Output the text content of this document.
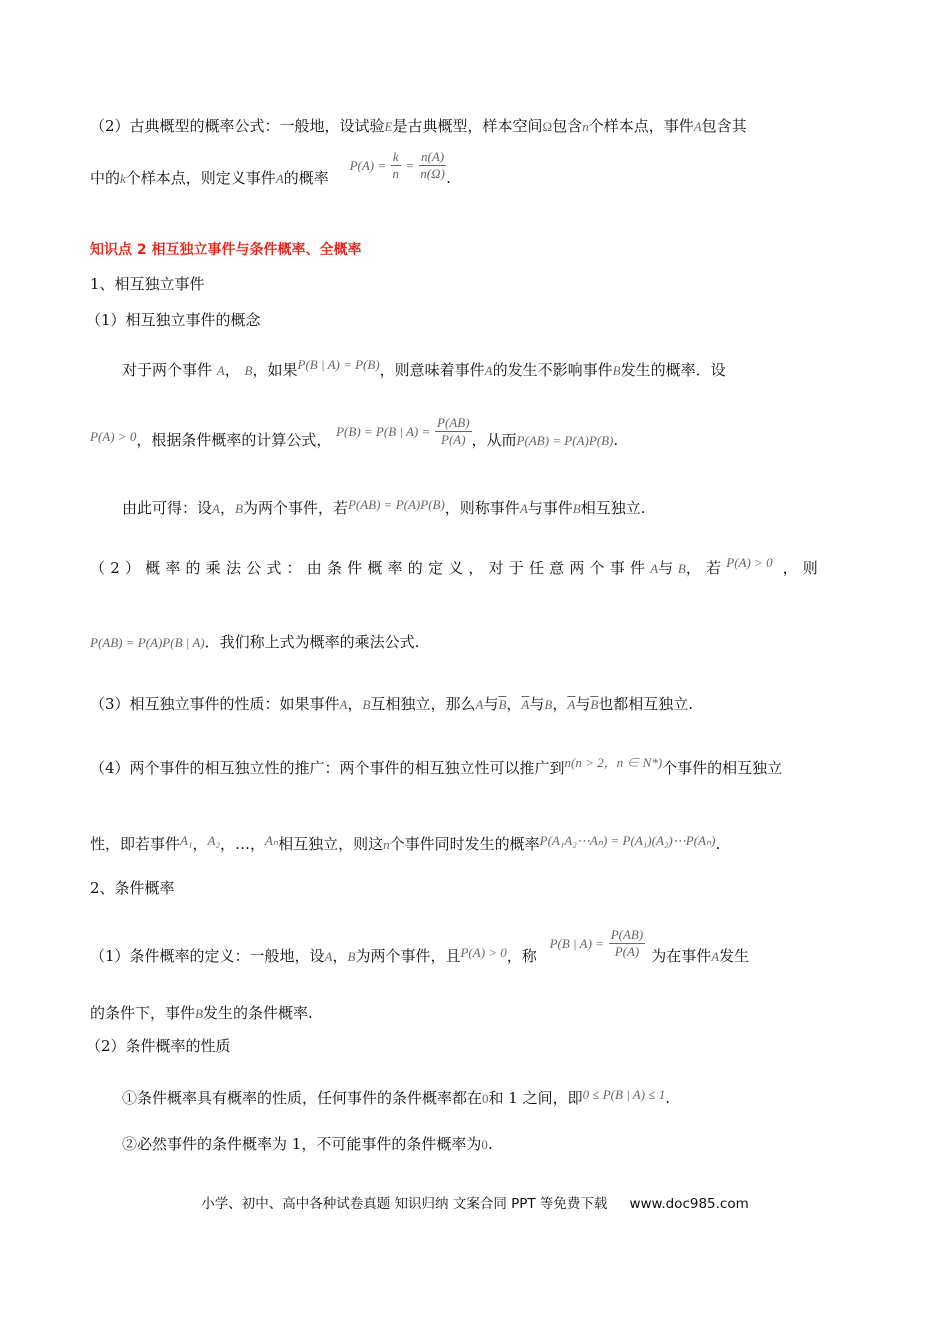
（2）古典概型的概率公式：一般地，设试验E是古典概型，样本空间Ω包含n个样本点，事件A包含其
中的k个样本点，则定义事件A的概率 $P(A) = \frac{k}{n} = \frac{n(A)}{n(\Omega)}$ .
知识点 2 相互独立事件与条件概率、全概率
1、相互独立事件
（1）相互独立事件的概念
对于两个事件 A， B，如果P(B | A) = P(B)，则意味着事件A的发生不影响事件B发生的概率．设
P(A) > 0，根据条件概率的计算公式， P(B) = P(B | $A) = \frac{P(AB)}{P(A)}$ ，从而P(AB) = P(A)P(B).
由此可得：设A，B为两个事件，若P(AB) = P(A)P(B)，则称事件A与事件B相互独立.
（2）概率的乘法公式：由条件概率的定义，对于任意两个事件A与 B，若P(A) > 0 ，则
P(AB) = P(A)P(B | A)．我们称上式为概率的乘法公式.
（3）相互独立事件的性质：如果事件A，B互相独立，那么A与$\overline{B}$，$\overline{A}$与B，$\overline{A}$与$\overline{B}$也都相互独立.
（4）两个事件的相互独立性的推广：两个事件的相互独立性可以推广到n(n > 2，n ∈ N*)个事件的相互独立
性，即若事件A₁，A₂，…，Aₙ相互独立，则这n个事件同时发生的概率P(A₁A₂⋯Aₙ) = P(A₁)(A₂)⋯P(Aₙ).
2、条件概率
（1）条件概率的定义：一般地，设A，B为两个事件，且P(A) > 0，称 P(B | $A) = \frac{P(AB)}{P(A)}$ 为在事件A发生
的条件下，事件B发生的条件概率.
（2）条件概率的性质
①条件概率具有概率的性质，任何事件的条件概率都在0和 1 之间，即0 ≤ P(B | A) ≤ 1.
②必然事件的条件概率为 1，不可能事件的条件概率为0.
小学、初中、高中各种试卷真题 知识归纳 文案合同 PPT 等免费下载 www.doc985.com
